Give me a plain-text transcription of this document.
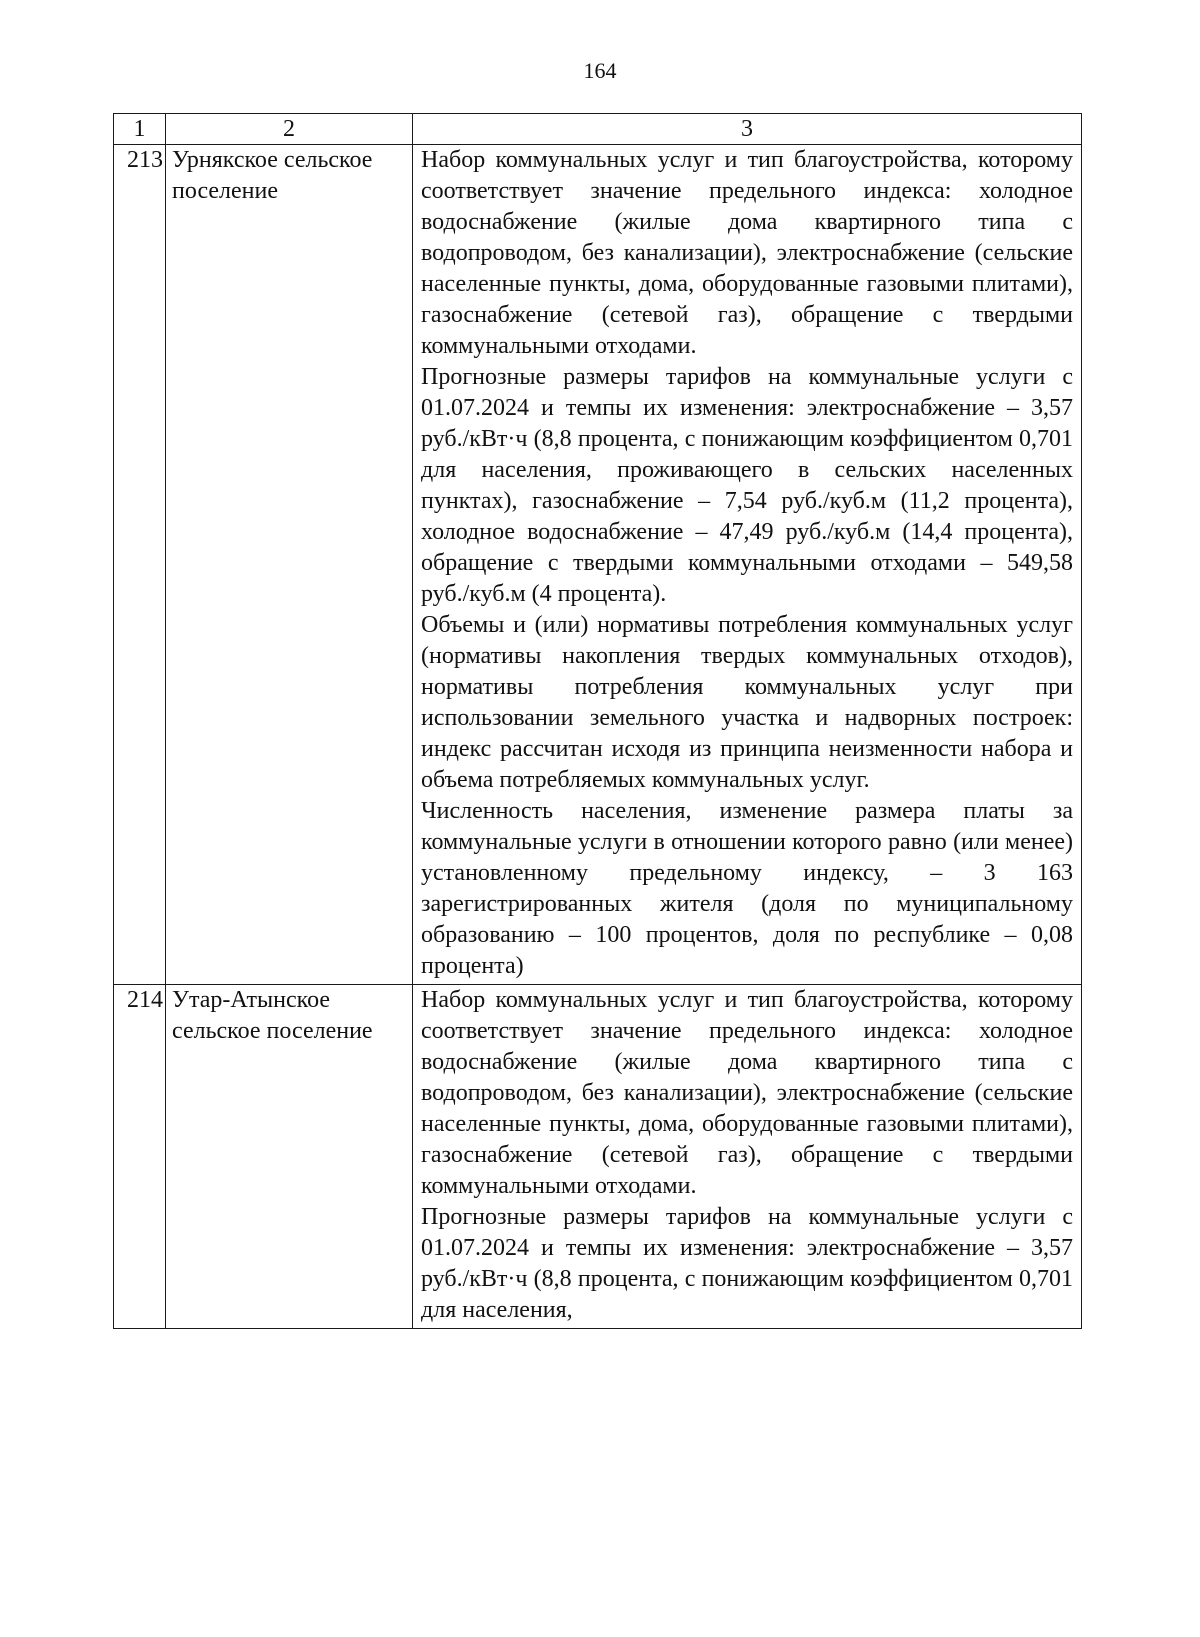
164
1	2	3
213	Урнякское сельское поселение	Набор коммунальных услуг и тип благоустройства, которому соответствует значение предельного индекса: холодное водоснабжение (жилые дома квартирного типа с водопроводом, без канализации), электроснабжение (сельские населенные пункты, дома, оборудованные газовыми плитами), газоснабжение (сетевой газ), обращение с твердыми коммунальными отходами.

Прогнозные размеры тарифов на коммунальные услуги с 01.07.2024 и темпы их изменения: электроснабжение – 3,57 руб./кВт·ч (8,8 процента, с понижающим коэффициентом 0,701 для населения, проживающего в сельских населенных пунктах), газоснабжение – 7,54 руб./куб.м (11,2 процента), холодное водоснабжение – 47,49 руб./куб.м (14,4 процента), обращение с твердыми коммунальными отходами – 549,58 руб./куб.м (4 процента).

Объемы и (или) нормативы потребления коммунальных услуг (нормативы накопления твердых коммунальных отходов), нормативы потребления коммунальных услуг при использовании земельного участка и надворных построек: индекс рассчитан исходя из принципа неизменности набора и объема потребляемых коммунальных услуг.

Численность населения, изменение размера платы за коммунальные услуги в отношении которого равно (или менее) установленному предельному индексу, – 3 163 зарегистрированных жителя (доля по муниципальному образованию – 100 процентов, доля по республике – 0,08 процента)

214	Утар-Атынское сельское поселение	Набор коммунальных услуг и тип благоустройства, которому соответствует значение предельного индекса: холодное водоснабжение (жилые дома квартирного типа с водопроводом, без канализации), электроснабжение (сельские населенные пункты, дома, оборудованные газовыми плитами), газоснабжение (сетевой газ), обращение с твердыми коммунальными отходами.

Прогнозные размеры тарифов на коммунальные услуги с 01.07.2024 и темпы их изменения: электроснабжение – 3,57 руб./кВт·ч (8,8 процента, с понижающим коэффициентом 0,701 для населения,
